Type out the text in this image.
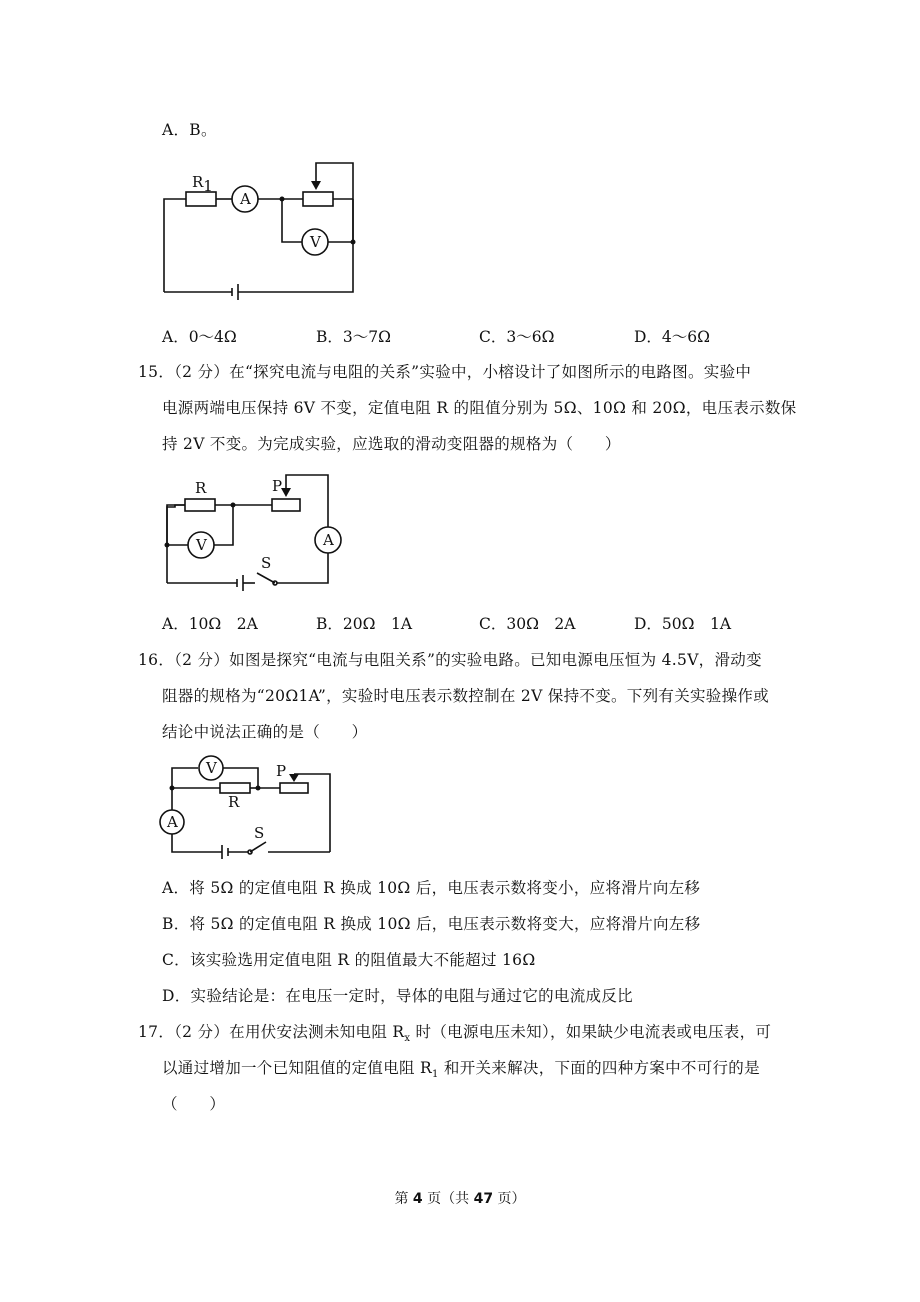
A．B。
R1
A
V
A．0～4Ω	B．3～7Ω	C．3～6Ω	D．4～6Ω
15．（2 分）在“探究电流与电阻的关系”实验中，小榕设计了如图所示的电路图。实验中
电源两端电压保持 6V 不变，定值电阻 R 的阻值分别为 5Ω、10Ω 和 20Ω，电压表示数保
持 2V 不变。为完成实验，应选取的滑动变阻器的规格为（　　）
R	P
V	A
S
A．10Ω　2A	B．20Ω　1A	C．30Ω　2A	D．50Ω　1A
16．（2 分）如图是探究“电流与电阻关系”的实验电路。已知电源电压恒为 4.5V，滑动变
阻器的规格为“20Ω1A”，实验时电压表示数控制在 2V 保持不变。下列有关实验操作或
结论中说法正确的是（　　）
V
R
P
A
S
A．将 5Ω 的定值电阻 R 换成 10Ω 后，电压表示数将变小，应将滑片向左移
B．将 5Ω 的定值电阻 R 换成 10Ω 后，电压表示数将变大，应将滑片向左移
C．该实验选用定值电阻 R 的阻值最大不能超过 16Ω
D．实验结论是：在电压一定时，导体的电阻与通过它的电流成反比
17．（2 分）在用伏安法测未知电阻 $R_x$ 时（电源电压未知），如果缺少电流表或电压表，可
以通过增加一个已知阻值的定值电阻 $R_1$ 和开关来解决，下面的四种方案中不可行的是
（　　）
第 4 页（共 47 页）
